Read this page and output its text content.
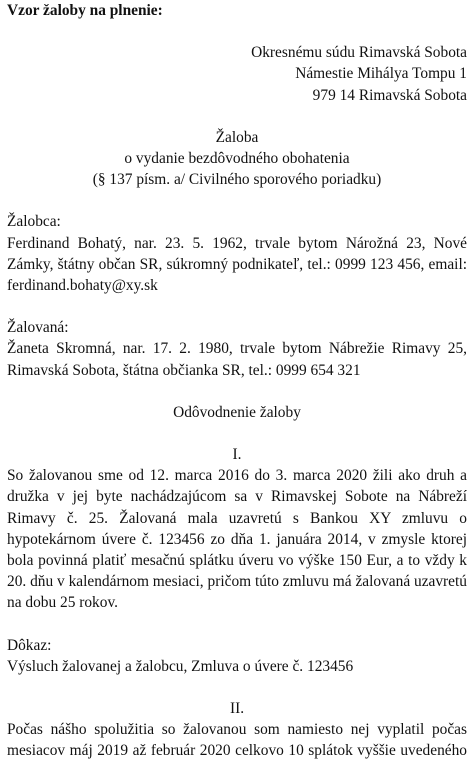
Vzor žaloby na plnenie:
Okresnému súdu Rimavská Sobota
Námestie Mihálya Tompu 1
979 14 Rimavská Sobota
Žaloba
o vydanie bezdôvodného obohatenia
(§ 137 písm. a/ Civilného sporového poriadku)
Žalobca:
Ferdinand Bohatý, nar. 23. 5. 1962, trvale bytom Nárožná 23, Nové
Zámky, štátny občan SR, súkromný podnikateľ, tel.: 0999 123 456, email:
ferdinand.bohaty@xy.sk
Žalovaná:
Žaneta Skromná, nar. 17. 2. 1980, trvale bytom Nábrežie Rimavy 25,
Rimavská Sobota, štátna občianka SR, tel.: 0999 654 321
Odôvodnenie žaloby
I.
So žalovanou sme od 12. marca 2016 do 3. marca 2020 žili ako druh a
družka v jej byte nachádzajúcom sa v Rimavskej Sobote na Nábreží
Rimavy č. 25. Žalovaná mala uzavretú s Bankou XY zmluvu o
hypotekárnom úvere č. 123456 zo dňa 1. januára 2014, v zmysle ktorej
bola povinná platiť mesačnú splátku úveru vo výške 150 Eur, a to vždy k
20. dňu v kalendárnom mesiaci, pričom túto zmluvu má žalovaná uzavretú
na dobu 25 rokov.
Dôkaz:
Výsluch žalovanej a žalobcu, Zmluva o úvere č. 123456
II.
Počas nášho spolužitia so žalovanou som namiesto nej vyplatil počas
mesiacov máj 2019 až február 2020 celkovo 10 splátok vyššie uvedeného
